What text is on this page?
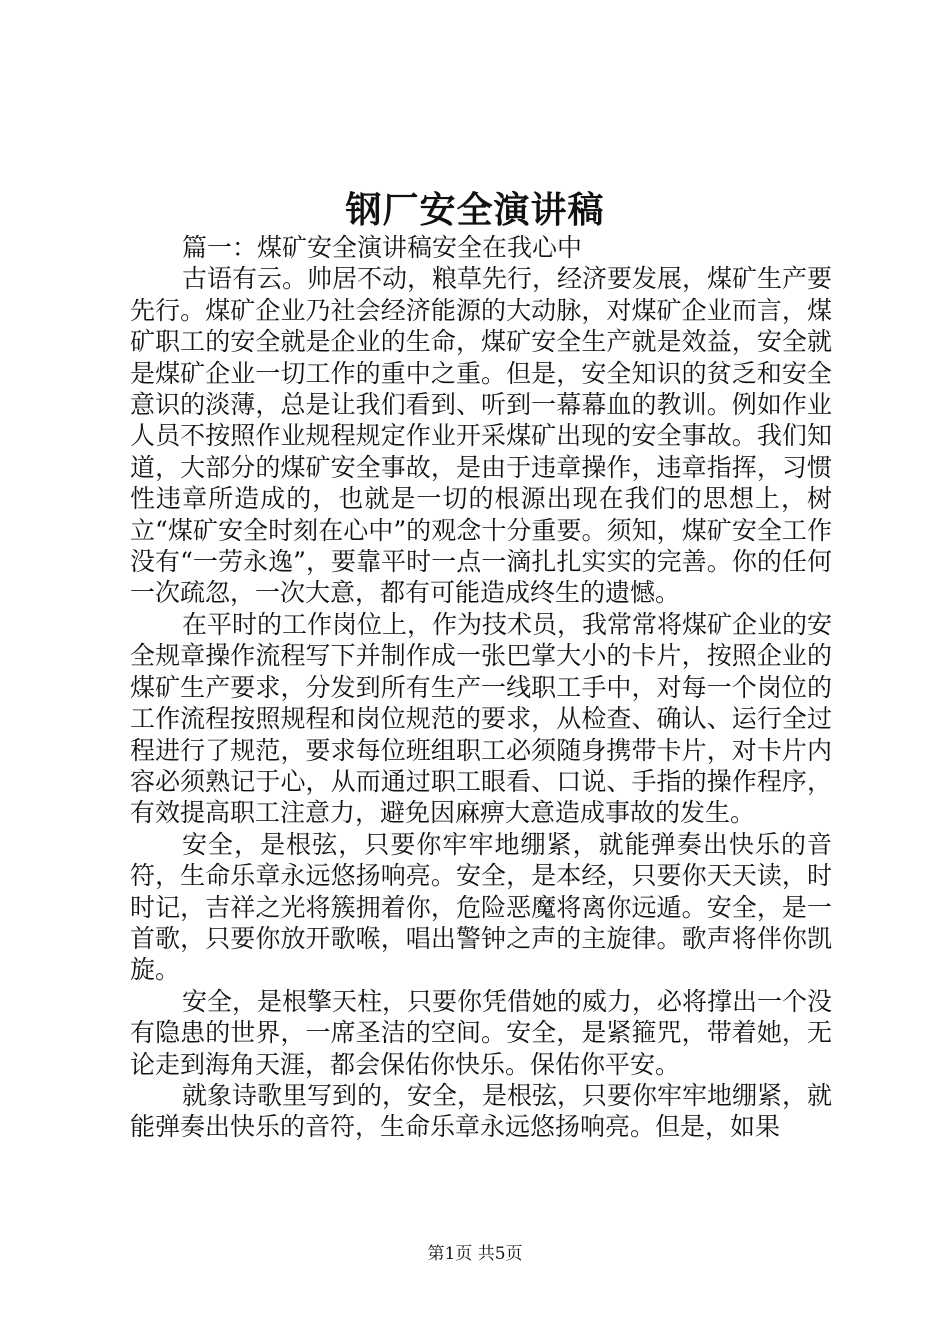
钢厂安全演讲稿

篇一：煤矿安全演讲稿安全在我心中

古语有云。帅居不动，粮草先行，经济要发展，煤矿生产要先行。煤矿企业乃社会经济能源的大动脉，对煤矿企业而言，煤矿职工的安全就是企业的生命，煤矿安全生产就是效益，安全就是煤矿企业一切工作的重中之重。但是，安全知识的贫乏和安全意识的淡薄，总是让我们看到、听到一幕幕血的教训。例如作业人员不按照作业规程规定作业开采煤矿出现的安全事故。我们知道，大部分的煤矿安全事故，是由于违章操作，违章指挥，习惯性违章所造成的，也就是一切的根源出现在我们的思想上，树立“煤矿安全时刻在心中”的观念十分重要。须知，煤矿安全工作没有“一劳永逸”，要靠平时一点一滴扎扎实实的完善。你的任何一次疏忽，一次大意，都有可能造成终生的遗憾。

在平时的工作岗位上，作为技术员，我常常将煤矿企业的安全规章操作流程写下并制作成一张巴掌大小的卡片，按照企业的煤矿生产要求，分发到所有生产一线职工手中，对每一个岗位的工作流程按照规程和岗位规范的要求，从检查、确认、运行全过程进行了规范，要求每位班组职工必须随身携带卡片，对卡片内容必须熟记于心，从而通过职工眼看、口说、手指的操作程序，有效提高职工注意力，避免因麻痹大意造成事故的发生。

安全，是根弦，只要你牢牢地绷紧，就能弹奏出快乐的音符，生命乐章永远悠扬响亮。安全，是本经，只要你天天读，时时记，吉祥之光将簇拥着你，危险恶魔将离你远遁。安全，是一首歌，只要你放开歌喉，唱出警钟之声的主旋律。歌声将伴你凯旋。

安全，是根擎天柱，只要你凭借她的威力，必将撑出一个没有隐患的世界，一席圣洁的空间。安全，是紧箍咒，带着她，无论走到海角天涯，都会保佑你快乐。保佑你平安。

就象诗歌里写到的，安全，是根弦，只要你牢牢地绷紧，就能弹奏出快乐的音符，生命乐章永远悠扬响亮。但是，如果

第1页 共5页
